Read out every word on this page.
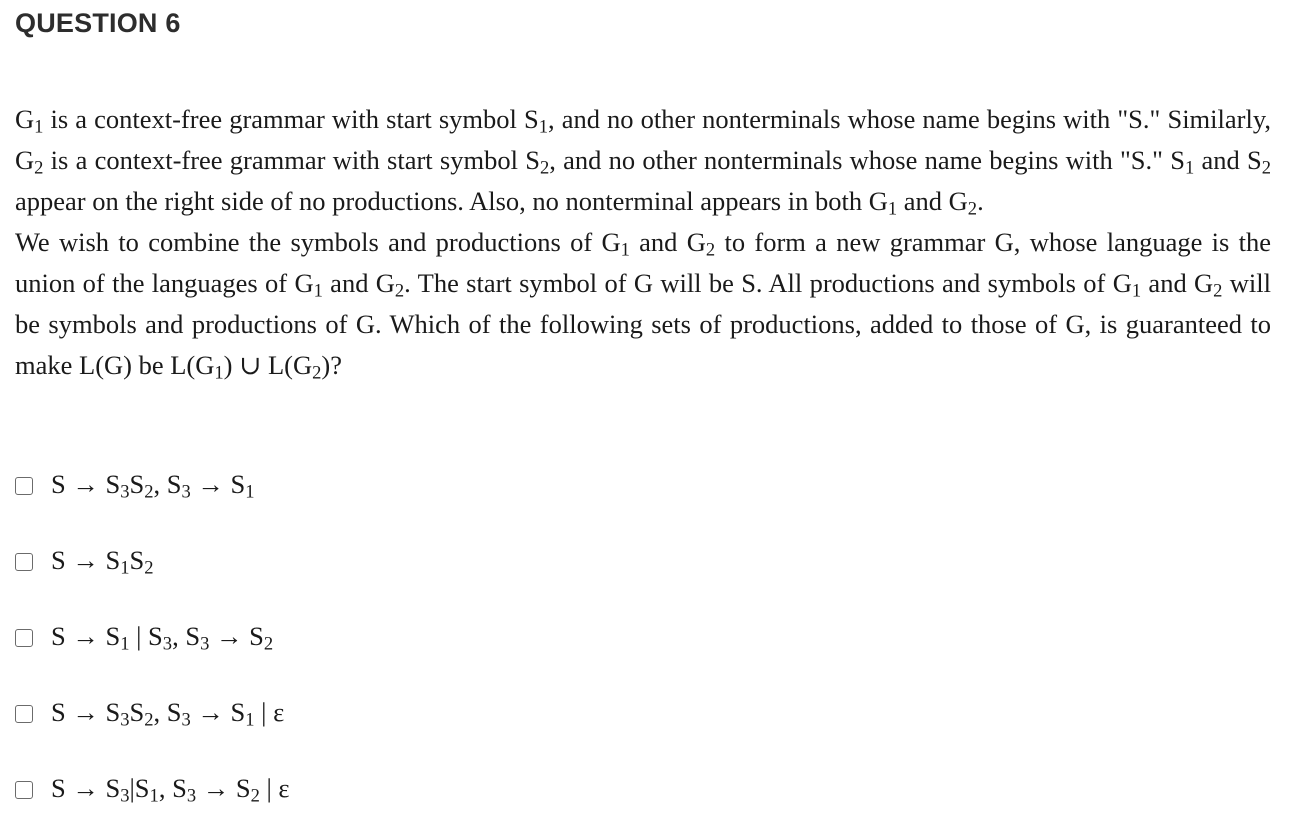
QUESTION 6

$G_1$ is a context-free grammar with start symbol $S_1$, and no other nonterminals whose name begins with "S." Similarly, $G_2$ is a context-free grammar with start symbol $S_2$, and no other nonterminals whose name begins with "S." $S_1$ and $S_2$ appear on the right side of no productions. Also, no nonterminal appears in both $G_1$ and $G_2$.

We wish to combine the symbols and productions of $G_1$ and $G_2$ to form a new grammar G, whose language is the union of the languages of $G_1$ and $G_2$. The start symbol of G will be S. All productions and symbols of $G_1$ and $G_2$ will be symbols and productions of G. Which of the following sets of productions, added to those of G, is guaranteed to make L(G) be $L(G_1)$ ∪ $L(G_2)$?

$S \to S_3S_2$, $S_3 \to S_1$
$S \to S_1S_2$
$S \to S_1$ | $S_3$, $S_3 \to S_2$
$S \to S_3S_2$, $S_3 \to S_1$ | ε
$S \to S_3|S_1$, $S_3 \to S_2$ | ε
